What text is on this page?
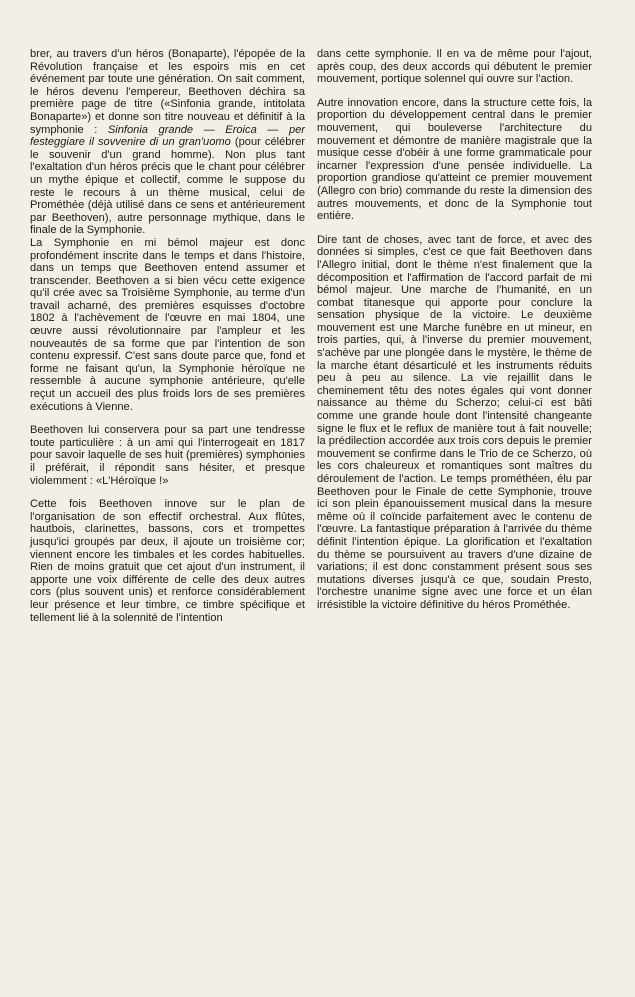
brer, au travers d'un héros (Bonaparte), l'épopée de la Révolution française et les espoirs mis en cet événement par toute une génération. On sait comment, le héros devenu l'empereur, Beethoven déchira sa première page de titre («Sinfonia grande, intitolata Bonaparte») et donne son titre nouveau et définitif à la symphonie : Sinfonia grande — Eroica — per festeggiare il sovvenire di un gran'uomo (pour célébrer le souvenir d'un grand homme). Non plus tant l'exaltation d'un héros précis que le chant pour célébrer un mythe épique et collectif, comme le suppose du reste le recours à un thème musical, celui de Prométhée (déjà utilisé dans ce sens et antérieurement par Beethoven), autre personnage mythique, dans le finale de la Symphonie.

La Symphonie en mi bémol majeur est donc profondément inscrite dans le temps et dans l'histoire, dans un temps que Beethoven entend assumer et transcender. Beethoven a si bien vécu cette exigence qu'il crée avec sa Troisième Symphonie, au terme d'un travail acharné, des premières esquisses d'octobre 1802 à l'achèvement de l'œuvre en mai 1804, une œuvre aussi révolutionnaire par l'ampleur et les nouveautés de sa forme que par l'intention de son contenu expressif. C'est sans doute parce que, fond et forme ne faisant qu'un, la Symphonie héroïque ne ressemble à aucune symphonie antérieure, qu'elle reçut un accueil des plus froids lors de ses premières exécutions à Vienne.

Beethoven lui conservera pour sa part une tendresse toute particulière : à un ami qui l'interrogeait en 1817 pour savoir laquelle de ses huit (premières) symphonies il préférait, il répondit sans hésiter, et presque violemment : «L'Héroïque !»

Cette fois Beethoven innove sur le plan de l'organisation de son effectif orchestral. Aux flûtes, hautbois, clarinettes, bassons, cors et trompettes jusqu'ici groupés par deux, il ajoute un troisième cor; viennent encore les timbales et les cordes habituelles. Rien de moins gratuit que cet ajout d'un instrument, il apporte une voix différente de celle des deux autres cors (plus souvent unis) et renforce considérablement leur présence et leur timbre, ce timbre spécifique et tellement lié à la solennité de l'intention

dans cette symphonie. Il en va de même pour l'ajout, après coup, des deux accords qui débutent le premier mouvement, portique solennel qui ouvre sur l'action.

Autre innovation encore, dans la structure cette fois, la proportion du développement central dans le premier mouvement, qui bouleverse l'architecture du mouvement et démontre de manière magistrale que la musique cesse d'obéir à une forme grammaticale pour incarner l'expression d'une pensée individuelle. La proportion grandiose qu'atteint ce premier mouvement (Allegro con brio) commande du reste la dimension des autres mouvements, et donc de la Symphonie tout entière.

Dire tant de choses, avec tant de force, et avec des données si simples, c'est ce que fait Beethoven dans l'Allegro initial, dont le thème n'est finalement que la décomposition et l'affirmation de l'accord parfait de mi bémol majeur. Une marche de l'humanité, en un combat titanesque qui apporte pour conclure la sensation physique de la victoire. Le deuxième mouvement est une Marche funèbre en ut mineur, en trois parties, qui, à l'inverse du premier mouvement, s'achève par une plongée dans le mystère, le thème de la marche étant désarticulé et les instruments réduits peu à peu au silence. La vie rejaillit dans le cheminement têtu des notes égales qui vont donner naissance au thème du Scherzo; celui-ci est bâti comme une grande houle dont l'intensité changeante signe le flux et le reflux de manière tout à fait nouvelle; la prédilection accordée aux trois cors depuis le premier mouvement se confirme dans le Trio de ce Scherzo, où les cors chaleureux et romantiques sont maîtres du déroulement de l'action. Le temps prométhéen, élu par Beethoven pour le Finale de cette Symphonie, trouve ici son plein épanouissement musical dans la mesure même où il coïncide parfaitement avec le contenu de l'œuvre. La fantastique préparation à l'arrivée du thème définit l'intention épique. La glorification et l'exaltation du thème se poursuivent au travers d'une dizaine de variations; il est donc constamment présent sous ses mutations diverses jusqu'à ce que, soudain Presto, l'orchestre unanime signe avec une force et un élan irrésistible la victoire définitive du héros Prométhée.
